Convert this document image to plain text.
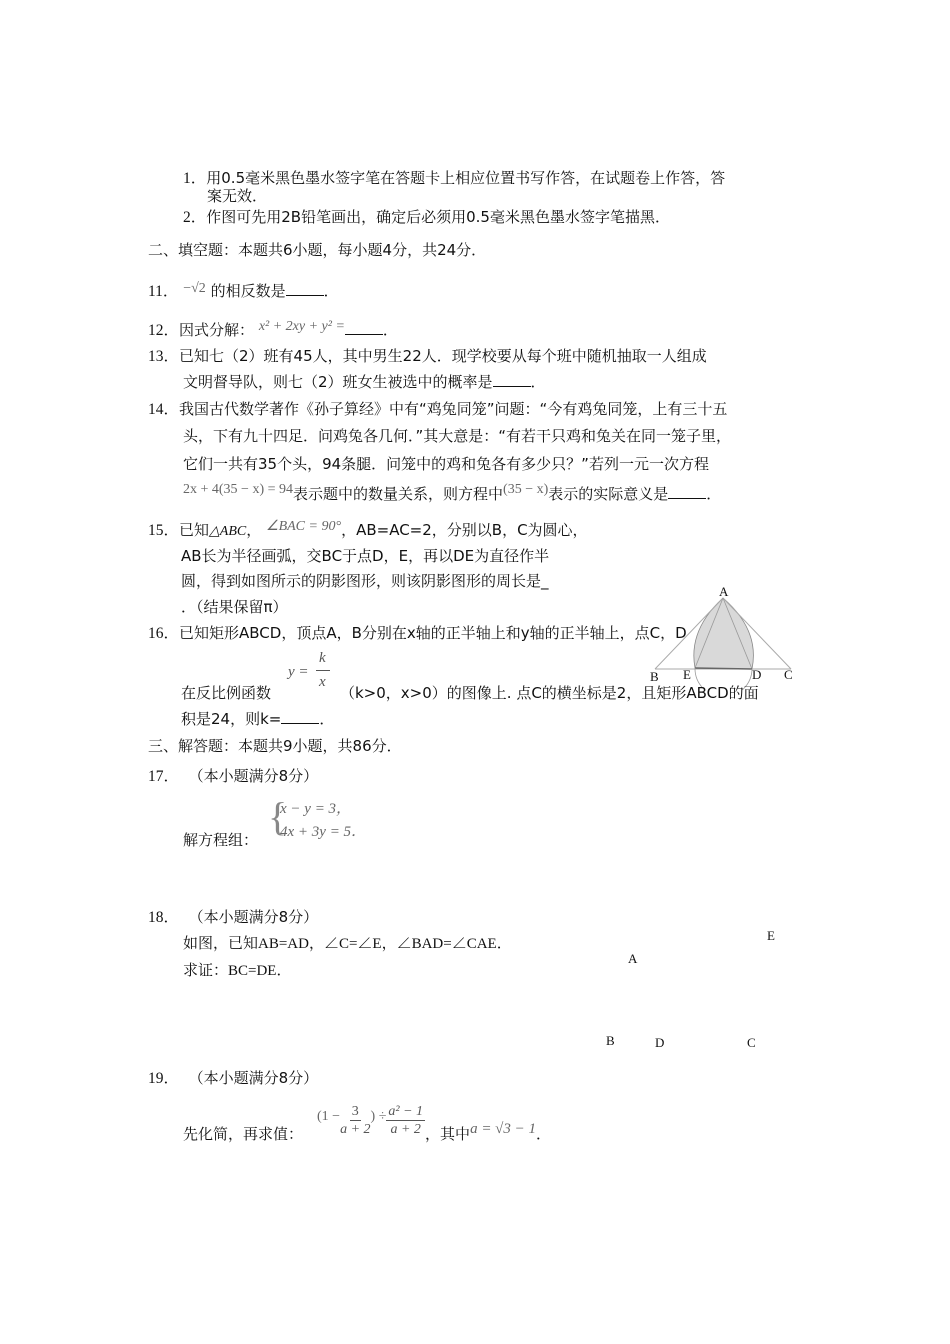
1．用0.5毫米黑色墨水签字笔在答题卡上相应位置书写作答，在试题卷上作答，答
案无效．
2．作图可先用2B铅笔画出，确定后必须用0.5毫米黑色墨水签字笔描黑．
二、填空题：本题共6小题，每小题4分，共24分．
11． −√2 的相反数是	．
12．因式分解： x² + 2xy + y² =	．
13．已知七（2）班有45人，其中男生22人．现学校要从每个班中随机抽取一人组成
文明督导队，则七（2）班女生被选中的概率是	．
14．我国古代数学著作《孙子算经》中有“鸡兔同笼”问题：“今有鸡兔同笼，上有三十五
头，下有九十四足．问鸡兔各几何．”其大意是：“有若干只鸡和兔关在同一笼子里，
它们一共有35个头，94条腿．问笼中的鸡和兔各有多少只？”若列一元一次方程
2x + 4(35 − x) = 94表示题中的数量关系，则方程中(35 − x)表示的实际意义是	．
15．已知△ABC， ∠BAC = 90°，AB=AC=2，分别以B，C为圆心，
AB长为半径画弧，交BC于点D，E，再以DE为直径作半
圆，得到如图所示的阴影图形，则该阴影图形的周长是_
．（结果保留π）
A
B E	D C
16．已知矩形ABCD，顶点A，B分别在x轴的正半轴上和y轴的正半轴上，点C，D
y =
k
x
在反比例函数	（k>0，x>0）的图像上. 点C的横坐标是2，且矩形ABCD的面
积是24，则k=	．
三、解答题：本题共9小题，共86分．
17． （本小题满分8分）
{
x − y = 3，
4x + 3y = 5．
解方程组：
18． （本小题满分8分）
如图，已知AB=AD，∠C=∠E，∠BAD=∠CAE．
求证：BC=DE．
E
A
B	D	C
19． （本小题满分8分）
先化简，再求值：
($1 - \frac{3}{a + 2}$ ) ÷ $\frac{\text{a² − 1}}{a + 2}$ ，其中 a = √3 − 1 ．
